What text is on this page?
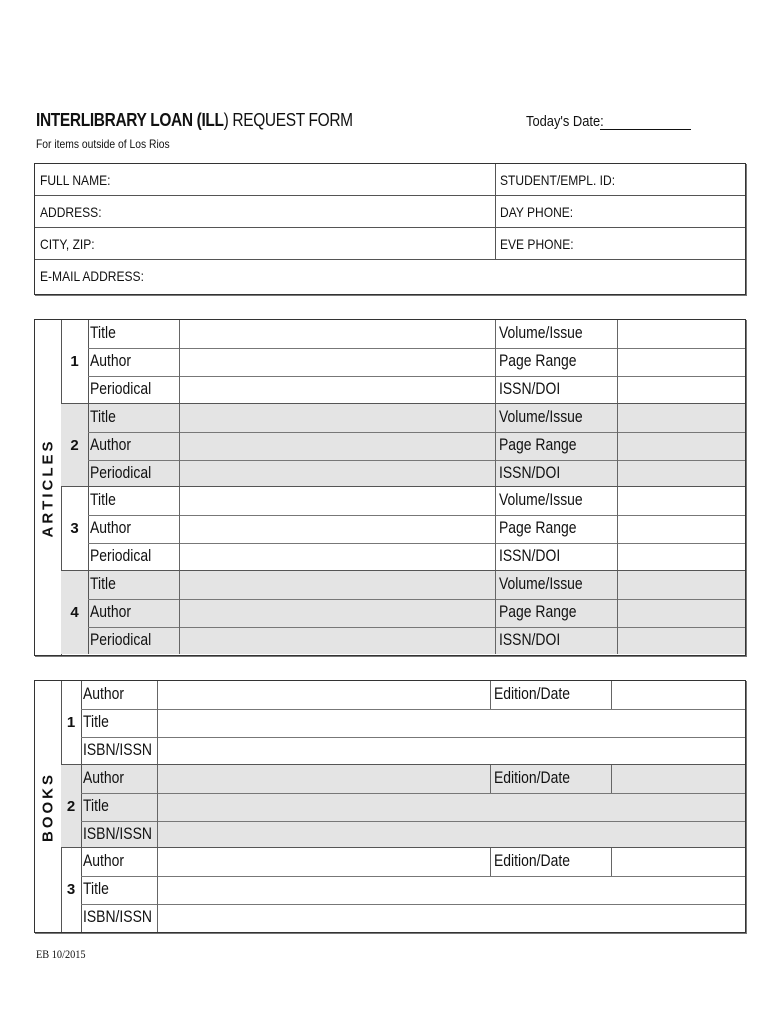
INTERLIBRARY LOAN (ILL) REQUEST FORM
For items outside of Los Rios
Today's Date:
FULL NAME:	STUDENT/EMPL. ID:
ADDRESS:	DAY PHONE:
CITY, ZIP:	EVE PHONE:
E-MAIL ADDRESS:
ARTICLES
1
Title	Volume/Issue
Author	Page Range
Periodical	ISSN/DOI
2
Title	Volume/Issue
Author	Page Range
Periodical	ISSN/DOI
3
Title	Volume/Issue
Author	Page Range
Periodical	ISSN/DOI
4
Title	Volume/Issue
Author	Page Range
Periodical	ISSN/DOI
BOOKS
1
Author	Edition/Date
Title
ISBN/ISSN
2
Author	Edition/Date
Title
ISBN/ISSN
3
Author	Edition/Date
Title
ISBN/ISSN
EB 10/2015
